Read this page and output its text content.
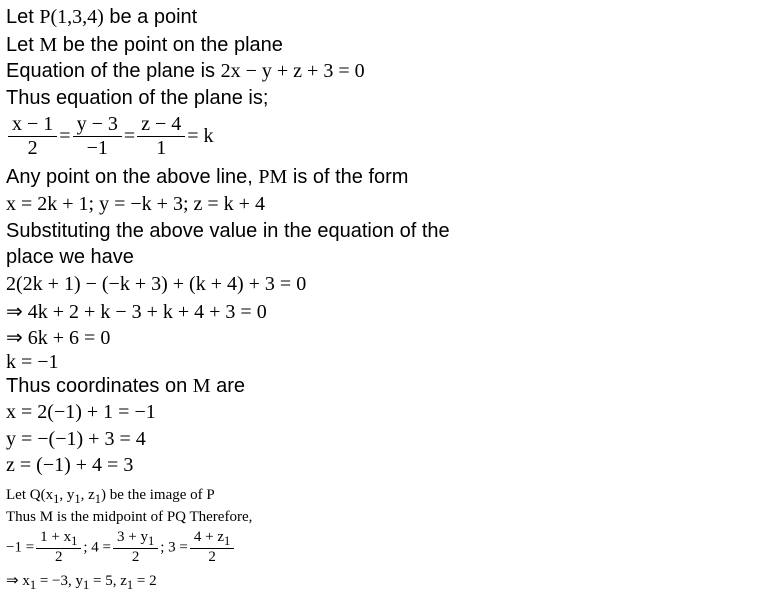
Let P(1,3,4) be a point
Let M be the point on the plane
Equation of the plane is 2x − y + z + 3 = 0
Thus equation of the plane is;
$\frac{x - 1}{2} = \frac{y - 3}{-1} = \frac{z - 4}{1} = k$
Any point on the above line, PM is of the form
x = 2k + 1; y = −k + 3; z = k + 4
Substituting the above value in the equation of the
place we have
2(2k + 1) − (−k + 3) + (k + 4) + 3 = 0
⇒ 4k + 2 + k − 3 + k + 4 + 3 = 0
⇒ 6k + 6 = 0
k = −1
Thus coordinates on M are
x = 2(−1) + 1 = −1
y = −(−1) + 3 = 4
z = (−1) + 4 = 3
Let $Q(x_1$, $y_1$, $z_1$) be the image of P
Thus M is the midpoint of PQ Therefore,
$-1 = \frac{1 + x_1}{2}$ ; $4 = \frac{3 + y_1}{2}$ ; $3 = \frac{4 + z_1}{2}$
⇒ $x_1 = -3$, $y_1 = 5$, $z_1 = 2$
